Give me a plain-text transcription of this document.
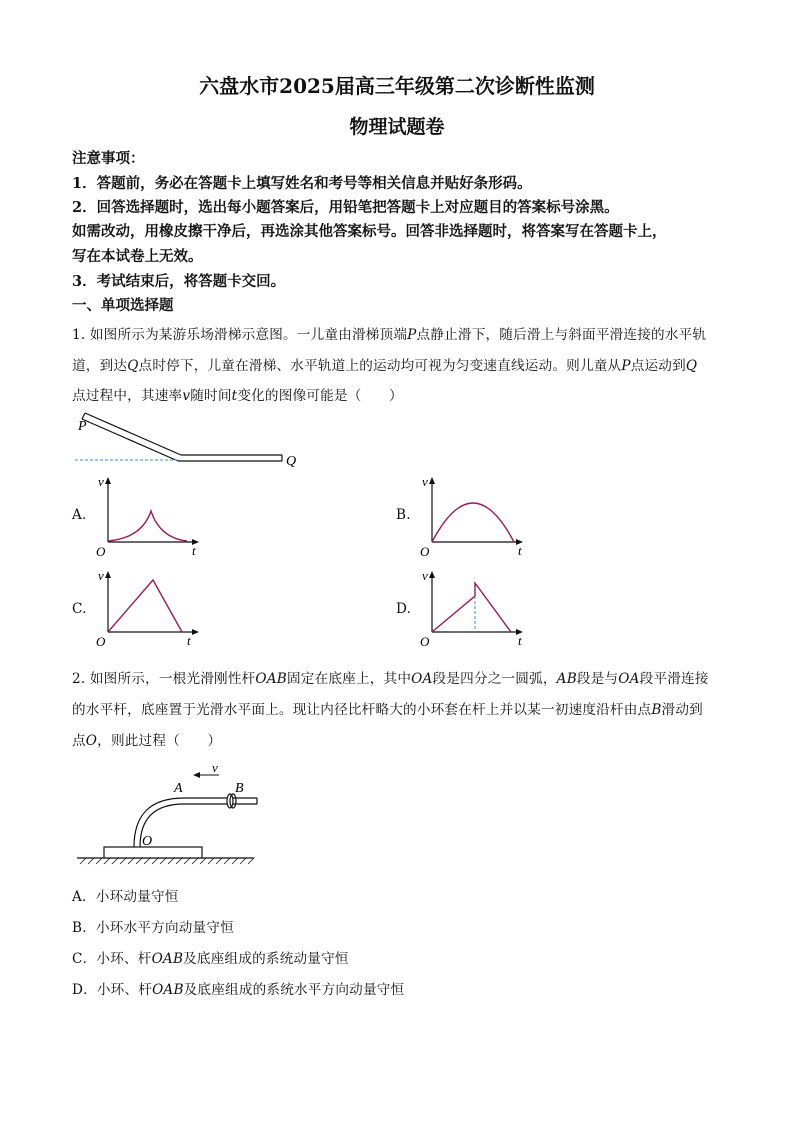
六盘水市2025届高三年级第二次诊断性监测
物理试题卷
注意事项：
1．答题前，务必在答题卡上填写姓名和考号等相关信息并贴好条形码。
2．回答选择题时，选出每小题答案后，用铅笔把答题卡上对应题目的答案标号涂黑。
如需改动，用橡皮擦干净后，再选涂其他答案标号。回答非选择题时，将答案写在答题卡上，
写在本试卷上无效。
3．考试结束后，将答题卡交回。
一、单项选择题
1. 如图所示为某游乐场滑梯示意图。一儿童由滑梯顶端P点静止滑下，随后滑上与斜面平滑连接的水平轨
道，到达Q点时停下，儿童在滑梯、水平轨道上的运动均可视为匀变速直线运动。则儿童从P点运动到Q
点过程中，其速率v随时间t变化的图像可能是（　　）
P
Q
A.
v
t
O
B.
v
t
O
C.
v
t
O
D.
v
t
O
2. 如图所示，一根光滑刚性杆OAB固定在底座上，其中OA段是四分之一圆弧，AB段是与OA段平滑连接
的水平杆，底座置于光滑水平面上。现让内径比杆略大的小环套在杆上并以某一初速度沿杆由点B滑动到
点O，则此过程（　　）
v
A	B
O
A．小环动量守恒
B．小环水平方向动量守恒
C．小环、杆OAB及底座组成的系统动量守恒
D．小环、杆OAB及底座组成的系统水平方向动量守恒
